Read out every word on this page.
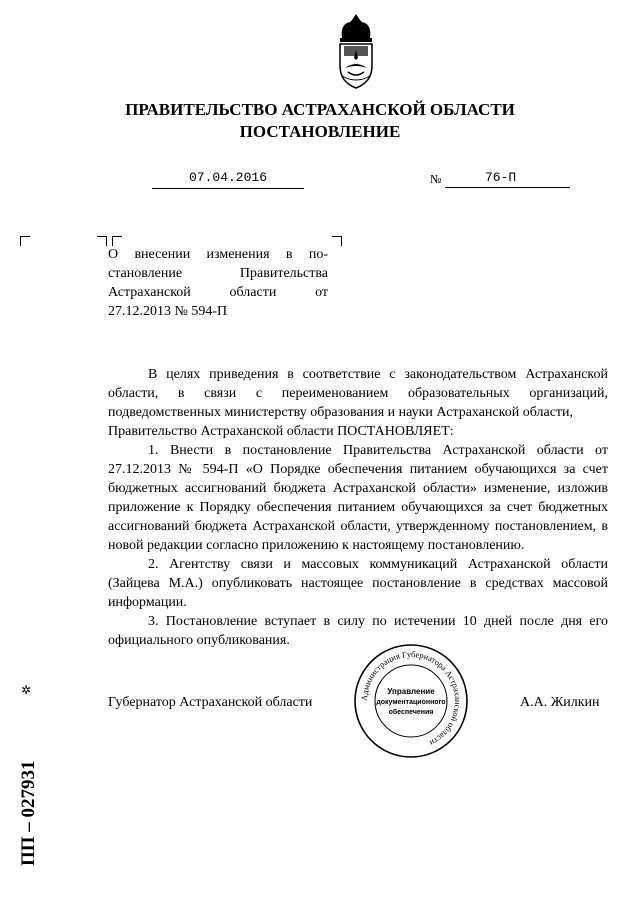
ПРАВИТЕЛЬСТВО АСТРАХАНСКОЙ ОБЛАСТИ
ПОСТАНОВЛЕНИЕ
07.04.2016	№	76-П
О внесении изменения в по-
становление Правительства
Астраханской области от
27.12.2013 № 594-П

В целях приведения в соответствие с законодательством Астраханской области, в связи с переименованием образовательных организаций, подведомственных министерству образования и науки Астраханской области,

Правительство Астраханской области ПОСТАНОВЛЯЕТ:

1. Внести в постановление Правительства Астраханской области от 27.12.2013 № 594-П «О Порядке обеспечения питанием обучающихся за счет бюджетных ассигнований бюджета Астраханской области» изменение, изложив приложение к Порядку обеспечения питанием обучающихся за счет бюджетных ассигнований бюджета Астраханской области, утвержденному постановлением, в новой редакции согласно приложению к настоящему постановлению.

2. Агентству связи и массовых коммуникаций Астраханской области (Зайцева М.А.) опубликовать настоящее постановление в средствах массовой информации.

3. Постановление вступает в силу по истечении 10 дней после дня его официального опубликования.

Губернатор Астраханской области	А.А. Жилкин
Администрация Губернатора Астраханской области
Управление
документационного
обеспечения
ПП – 027931
✲
